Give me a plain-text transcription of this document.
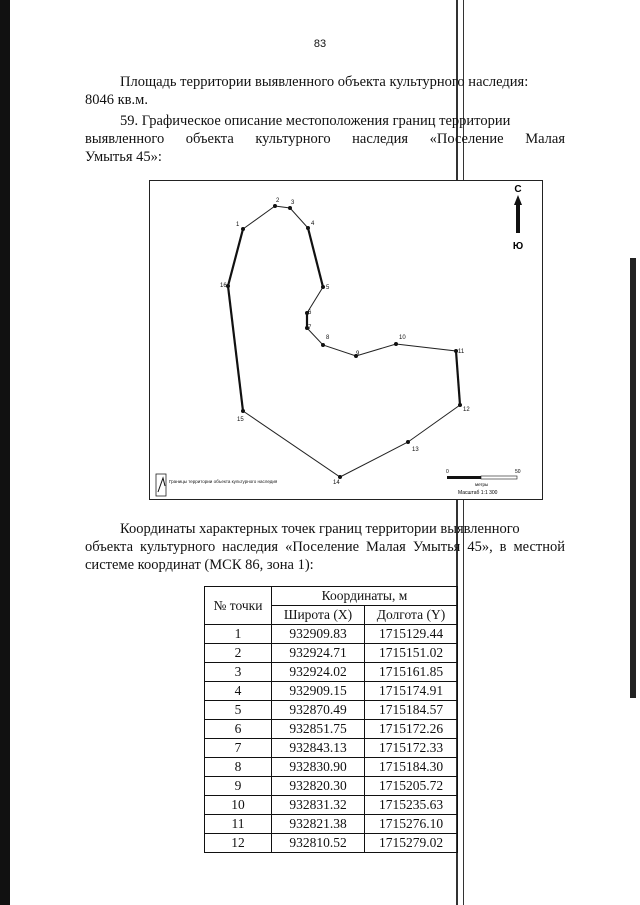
83
Площадь территории выявленного объекта культурного наследия:
8046 кв.м.
59. Графическое описание местоположения границ территории
выявленного объекта культурного наследия «Поселение Малая
Умытья 45»:
1
2 3
4
5
6
7
8
9
10
11
12
13
14
15
16
С
Ю
Границы территории объекта культурного наследия
0	50
метры
Масштаб 1:1 300
Координаты характерных точек границ территории выявленного
объекта культурного наследия «Поселение Малая Умытья 45», в местной
системе координат (МСК 86, зона 1):
№ точки	Координаты, м	
	Широта (X)	Долгота (Y)
1	932909.83	1715129.44
2	932924.71	1715151.02
3	932924.02	1715161.85
4	932909.15	1715174.91
5	932870.49	1715184.57
6	932851.75	1715172.26
7	932843.13	1715172.33
8	932830.90	1715184.30
9	932820.30	1715205.72
10	932831.32	1715235.63
11	932821.38	1715276.10
12	932810.52	1715279.02
